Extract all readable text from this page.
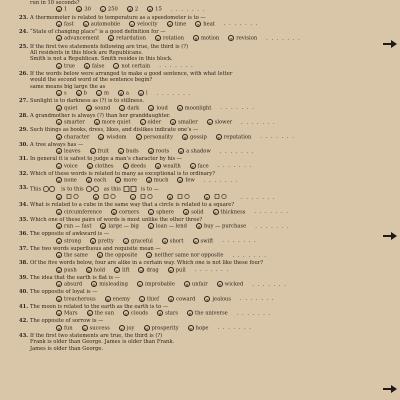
run in 10 seconds?
a 1	b 30	c 250	d 2	e 15 . . . . . . .
23. A thermometer is related to temperature as a speedometer is to —
a fast	b automobile	c velocity	d time	e heat . . . . . . .
24. “State of changing place” is a good definition for —
a advancement	b retardation	c rotation	d motion	e revision . . . . . . .
25. If the first two statements following are true, the third is (?)
All residents in this block are Republicans.
Smith is not a Republican. Smith resides in this block.
a true	b false	c not certain . . . . . . .
26. If the words below were arranged to make a good sentence, with what letter
would the second word of the sentence begin?
same means big large the as
a s	b b	c m	d a	e l . . . . . . .
27. Sunlight is to darkness as (?) is to stillness.
a quiet	b sound	c dark	d loud	e moonlight . . . . . . .
28. A grandmother is always (?) than her granddaughter.
a smarter	b more quiet	c older	d smaller	e slower . . . . . . .
29. Such things as books, dress, likes, and dislikes indicate one’s —
a character	b wisdom	c personality	d gossip	e reputation . . . . . . .
30. A tree always has —
a leaves	b fruit	c buds	d roots	e a shadow . . . . . . .
31. In general it is safest to judge a man’s character by his —
a voice	b clothes	c deeds	d wealth	e face . . . . . . .
32. Which of these words is related to many as exceptional is to ordinary?
a none	b each	c more	d much	e few . . . . . . .
33. This	is to this	as this	is to —
a	b	c	d	e	. . . . . . .
34. What is related to a cube in the same way that a circle is related to a square?
a circumference	b corners	c sphere	d solid	e thickness . . . . . . .
35. Which one of these pairs of words is most unlike the other three?
a run — fast	b large — big	c loan — lend	d buy — purchase . . . . . . .
36. The opposite of awkward is —
a strong	b pretty	c graceful	d short	e swift . . . . . . .
37. The two words superfluous and requisite mean —
a the same	b the opposite	c neither same nor opposite . . . . . . .
38. Of the five words below, four are alike in a certain way. Which one is not like these four?
a push	b hold	c lift	d drag	e pull . . . . . . .
39. The idea that the earth is flat is —
a absurd	b misleading	c improbable	d unfair	e wicked . . . . . . .
40. The opposite of loyal is —
a treacherous	b enemy	c thief	d coward	e jealous . . . . . . .
41. The moon is related to the earth as the earth is to —
a Mars	b the sun	c clouds	d stars	e the universe . . . . . . .
42. The opposite of sorrow is —
a fun	b success	c joy	d prosperity	e hope . . . . . . .
43. If the first two statements are true, the third is (?)
Frank is older than George. James is older than Frank.
James is older than George.
